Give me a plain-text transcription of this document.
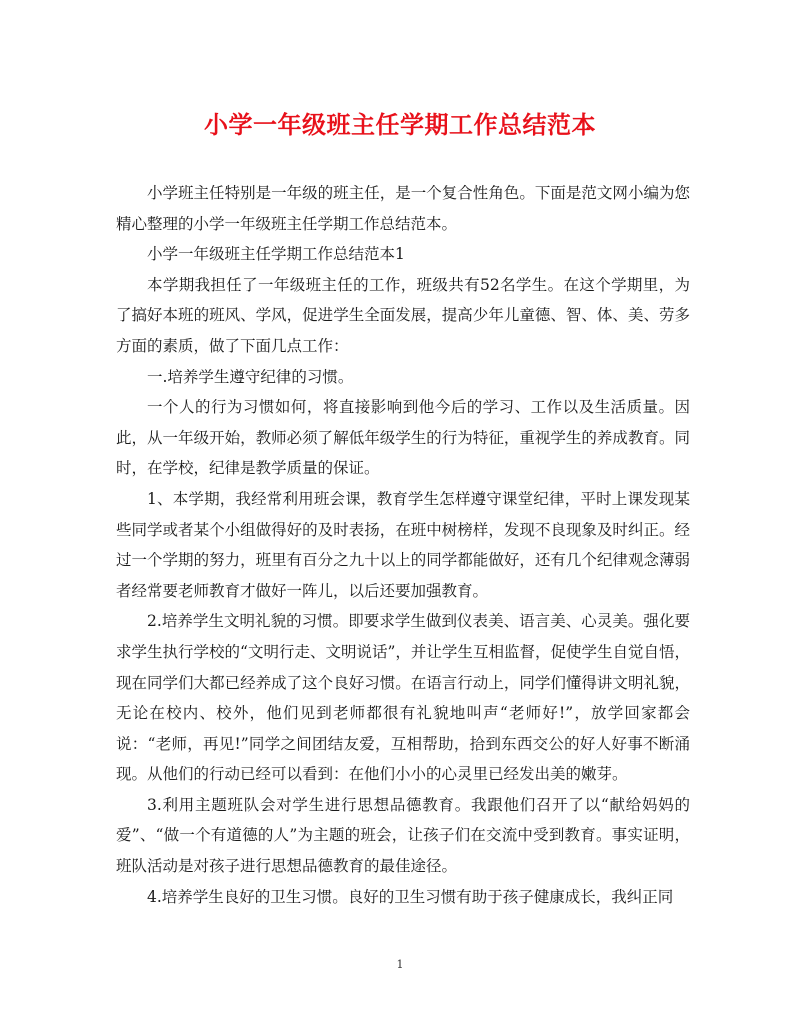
小学一年级班主任学期工作总结范本

小学班主任特别是一年级的班主任，是一个复合性角色。下面是范文网小编为您精心整理的小学一年级班主任学期工作总结范本。

小学一年级班主任学期工作总结范本1

本学期我担任了一年级班主任的工作，班级共有52名学生。在这个学期里，为了搞好本班的班风、学风，促进学生全面发展，提高少年儿童德、智、体、美、劳多方面的素质，做了下面几点工作：

一.培养学生遵守纪律的习惯。

一个人的行为习惯如何，将直接影响到他今后的学习、工作以及生活质量。因此，从一年级开始，教师必须了解低年级学生的行为特征，重视学生的养成教育。同时，在学校，纪律是教学质量的保证。

1、本学期，我经常利用班会课，教育学生怎样遵守课堂纪律，平时上课发现某些同学或者某个小组做得好的及时表扬，在班中树榜样，发现不良现象及时纠正。经过一个学期的努力，班里有百分之九十以上的同学都能做好，还有几个纪律观念薄弱者经常要老师教育才做好一阵儿，以后还要加强教育。

2.培养学生文明礼貌的习惯。即要求学生做到仪表美、语言美、心灵美。强化要求学生执行学校的“文明行走、文明说话”，并让学生互相监督，促使学生自觉自悟，现在同学们大都已经养成了这个良好习惯。在语言行动上，同学们懂得讲文明礼貌，无论在校内、校外，他们见到老师都很有礼貌地叫声“老师好!”，放学回家都会说：“老师，再见!”同学之间团结友爱，互相帮助，拾到东西交公的好人好事不断涌现。从他们的行动已经可以看到：在他们小小的心灵里已经发出美的嫩芽。

3.利用主题班队会对学生进行思想品德教育。我跟他们召开了以“献给妈妈的爱”、“做一个有道德的人”为主题的班会，让孩子们在交流中受到教育。事实证明，班队活动是对孩子进行思想品德教育的最佳途径。

4.培养学生良好的卫生习惯。良好的卫生习惯有助于孩子健康成长，我纠正同

1
